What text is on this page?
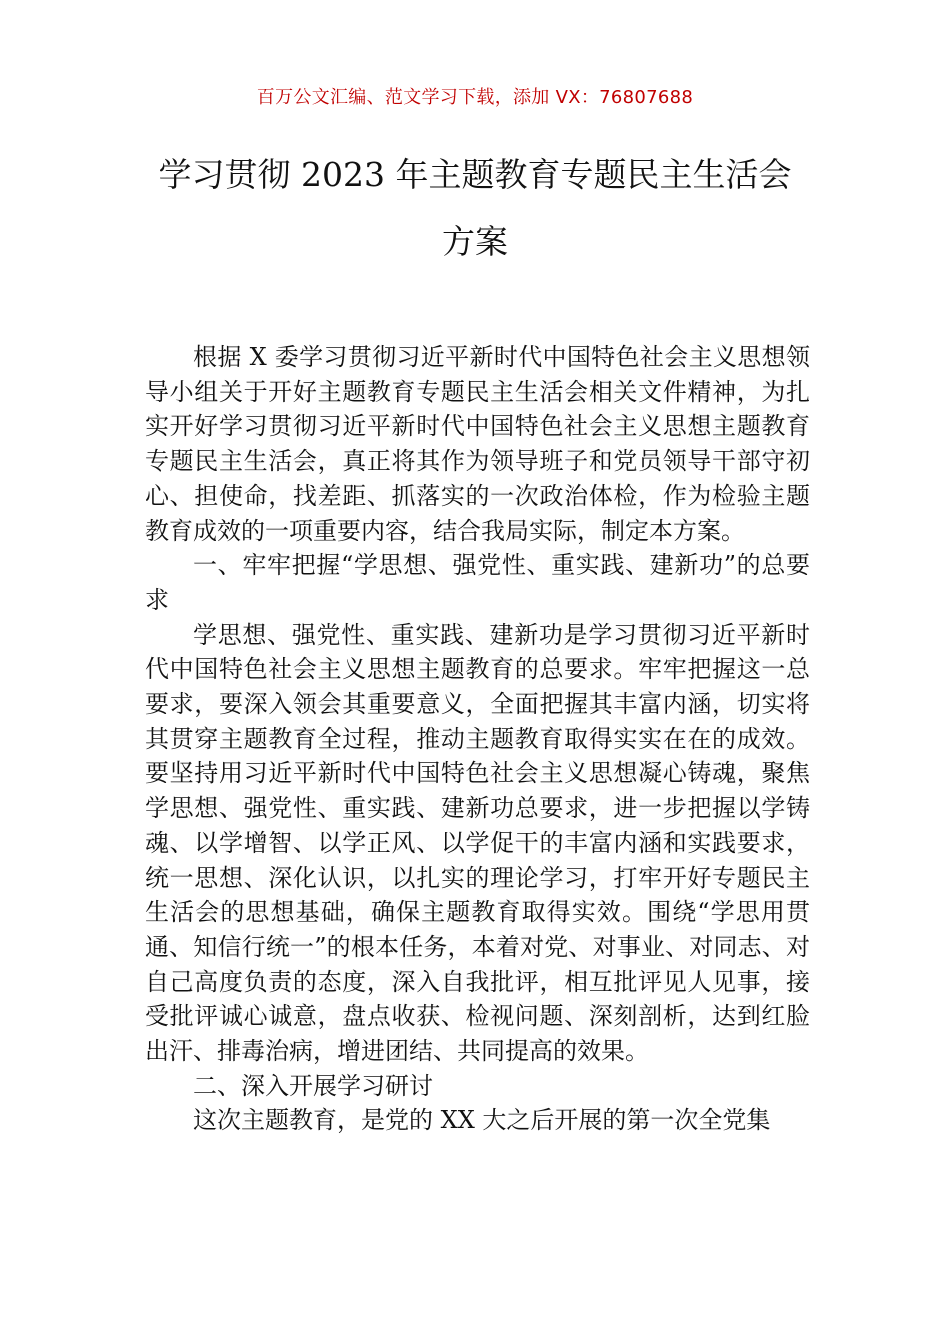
百万公文汇编、范文学习下载，添加 VX：76807688
学习贯彻 2023 年主题教育专题民主生活会
方案

根据 X 委学习贯彻习近平新时代中国特色社会主义思想领导小组关于开好主题教育专题民主生活会相关文件精神，为扎实开好学习贯彻习近平新时代中国特色社会主义思想主题教育专题民主生活会，真正将其作为领导班子和党员领导干部守初心、担使命，找差距、抓落实的一次政治体检，作为检验主题教育成效的一项重要内容，结合我局实际，制定本方案。

一、牢牢把握“学思想、强党性、重实践、建新功”的总要求

学思想、强党性、重实践、建新功是学习贯彻习近平新时代中国特色社会主义思想主题教育的总要求。牢牢把握这一总要求，要深入领会其重要意义，全面把握其丰富内涵，切实将其贯穿主题教育全过程，推动主题教育取得实实在在的成效。要坚持用习近平新时代中国特色社会主义思想凝心铸魂，聚焦学思想、强党性、重实践、建新功总要求，进一步把握以学铸魂、以学增智、以学正风、以学促干的丰富内涵和实践要求，统一思想、深化认识，以扎实的理论学习，打牢开好专题民主生活会的思想基础，确保主题教育取得实效。围绕“学思用贯通、知信行统一”的根本任务，本着对党、对事业、对同志、对自己高度负责的态度，深入自我批评，相互批评见人见事，接受批评诚心诚意，盘点收获、检视问题、深刻剖析，达到红脸出汗、排毒治病，增进团结、共同提高的效果。

二、深入开展学习研讨

这次主题教育，是党的 XX 大之后开展的第一次全党集
